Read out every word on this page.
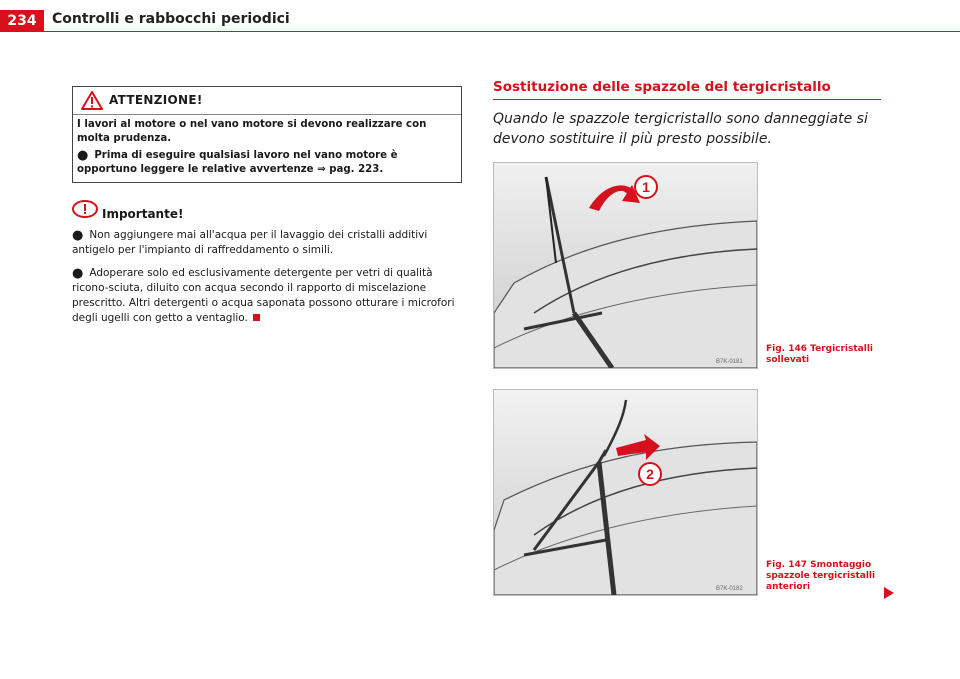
234	Controlli e rabbocchi periodici
ATTENZIONE!

I lavori al motore o nel vano motore si devono realizzare con molta prudenza.

● Prima di eseguire qualsiasi lavoro nel vano motore è opportuno leggere le relative avvertenze ⇒ pag. 223.

Importante!

● Non aggiungere mai all'acqua per il lavaggio dei cristalli additivi antigelo per l'impianto di raffreddamento o simili.

● Adoperare solo ed esclusivamente detergente per vetri di qualità ricono-sciuta, diluito con acqua secondo il rapporto di miscelazione prescritto. Altri detergenti o acqua saponata possono otturare i microfori degli ugelli con getto a ventaglio.

Sostituzione delle spazzole del tergicristallo
Quando le spazzole tergicristallo sono danneggiate si devono sostituire il più presto possibile.
1
B7K-0181
Fig. 146 Tergicristalli sollevati
2
B7K-0182
Fig. 147 Smontaggio spazzole tergicristalli anteriori
